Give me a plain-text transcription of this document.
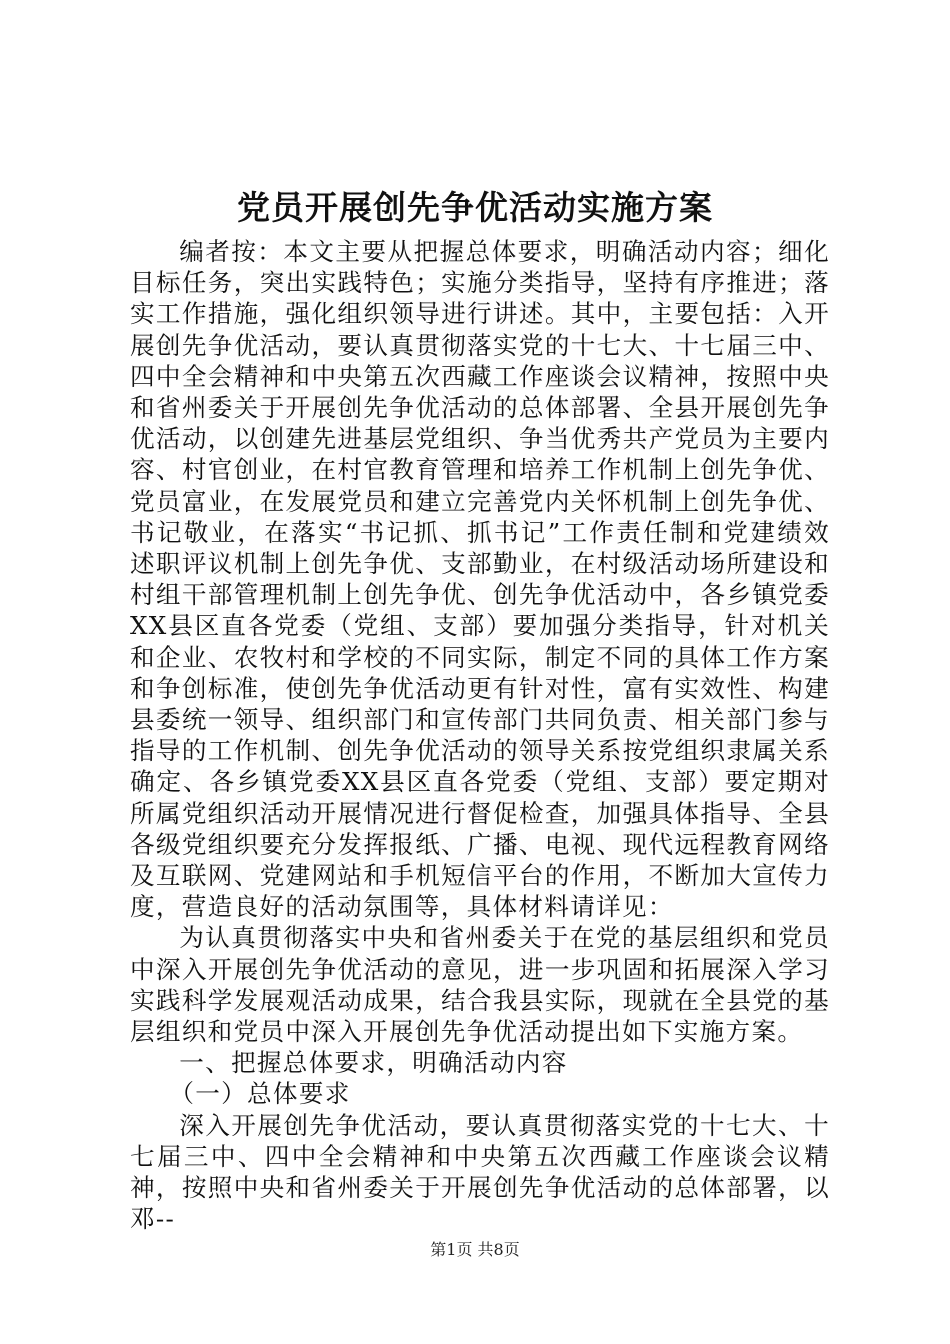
党员开展创先争优活动实施方案

编者按：本文主要从把握总体要求，明确活动内容；细化目标任务，突出实践特色；实施分类指导，坚持有序推进；落实工作措施，强化组织领导进行讲述。其中，主要包括：入开展创先争优活动，要认真贯彻落实党的十七大、十七届三中、四中全会精神和中央第五次西藏工作座谈会议精神，按照中央和省州委关于开展创先争优活动的总体部署、全县开展创先争优活动，以创建先进基层党组织、争当优秀共产党员为主要内容、村官创业，在村官教育管理和培养工作机制上创先争优、党员富业，在发展党员和建立完善党内关怀机制上创先争优、书记敬业，在落实“书记抓、抓书记”工作责任制和党建绩效述职评议机制上创先争优、支部勤业，在村级活动场所建设和村组干部管理机制上创先争优、创先争优活动中，各乡镇党委XX县区直各党委（党组、支部）要加强分类指导，针对机关和企业、农牧村和学校的不同实际，制定不同的具体工作方案和争创标准，使创先争优活动更有针对性，富有实效性、构建县委统一领导、组织部门和宣传部门共同负责、相关部门参与指导的工作机制、创先争优活动的领导关系按党组织隶属关系确定、各乡镇党委XX县区直各党委（党组、支部）要定期对所属党组织活动开展情况进行督促检查，加强具体指导、全县各级党组织要充分发挥报纸、广播、电视、现代远程教育网络及互联网、党建网站和手机短信平台的作用，不断加大宣传力度，营造良好的活动氛围等，具体材料请详见：

为认真贯彻落实中央和省州委关于在党的基层组织和党员中深入开展创先争优活动的意见，进一步巩固和拓展深入学习实践科学发展观活动成果，结合我县实际，现就在全县党的基层组织和党员中深入开展创先争优活动提出如下实施方案。

一、把握总体要求，明确活动内容

（一）总体要求

深入开展创先争优活动，要认真贯彻落实党的十七大、十七届三中、四中全会精神和中央第五次西藏工作座谈会议精神，按照中央和省州委关于开展创先争优活动的总体部署，以邓--

第1页 共8页
